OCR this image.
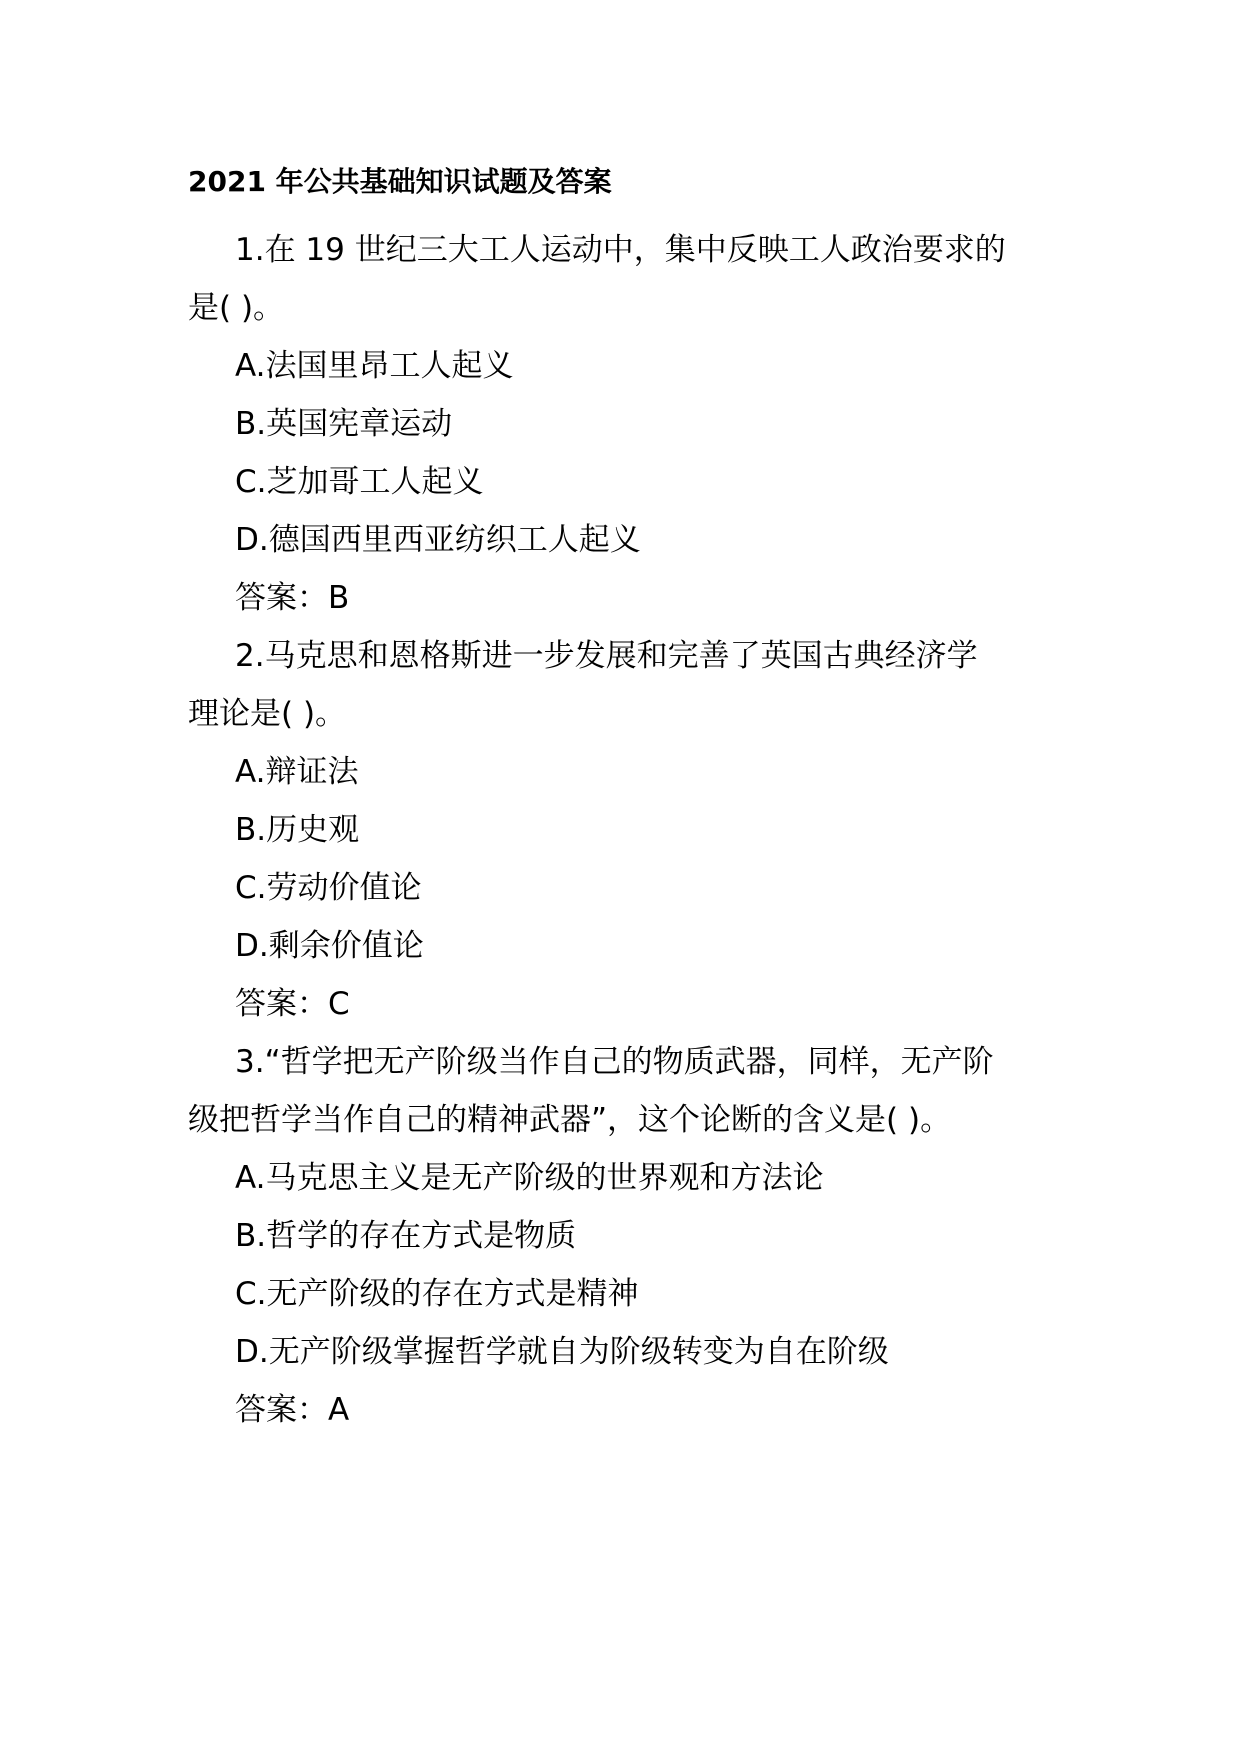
2021 年公共基础知识试题及答案
1.在 19 世纪三大工人运动中，集中反映工人政治要求的
是( )。
A.法国里昂工人起义
B.英国宪章运动
C.芝加哥工人起义
D.德国西里西亚纺织工人起义
答案：B
2.马克思和恩格斯进一步发展和完善了英国古典经济学
理论是( )。
A.辩证法
B.历史观
C.劳动价值论
D.剩余价值论
答案：C
3.“哲学把无产阶级当作自己的物质武器，同样，无产阶
级把哲学当作自己的精神武器”，这个论断的含义是( )。
A.马克思主义是无产阶级的世界观和方法论
B.哲学的存在方式是物质
C.无产阶级的存在方式是精神
D.无产阶级掌握哲学就自为阶级转变为自在阶级
答案：A
